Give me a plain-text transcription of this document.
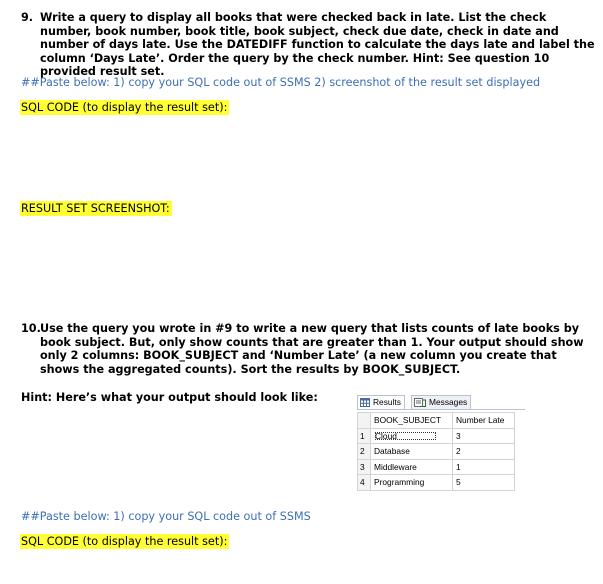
9. Write a query to display all books that were checked back in late. List the check number, book number, book title, book subject, check due date, check in date and number of days late. Use the DATEDIFF function to calculate the days late and label the column ‘Days Late’. Order the query by the check number. Hint: See question 10 provided result set.
##Paste below: 1) copy your SQL code out of SSMS 2) screenshot of the result set displayed
SQL CODE (to display the result set):
RESULT SET SCREENSHOT:
10. Use the query you wrote in #9 to write a new query that lists counts of late books by book subject. But, only show counts that are greater than 1. Your output should show only 2 columns: BOOK_SUBJECT and ‘Number Late’ (a new column you create that shows the aggregated counts). Sort the results by BOOK_SUBJECT.
Hint: Here’s what your output should look like:	Results	Messages
	BOOK_SUBJECT	Number Late
1	Cloud	3
2	Database	2
3	Middleware	1
4	Programming	5
##Paste below: 1) copy your SQL code out of SSMS
SQL CODE (to display the result set):
